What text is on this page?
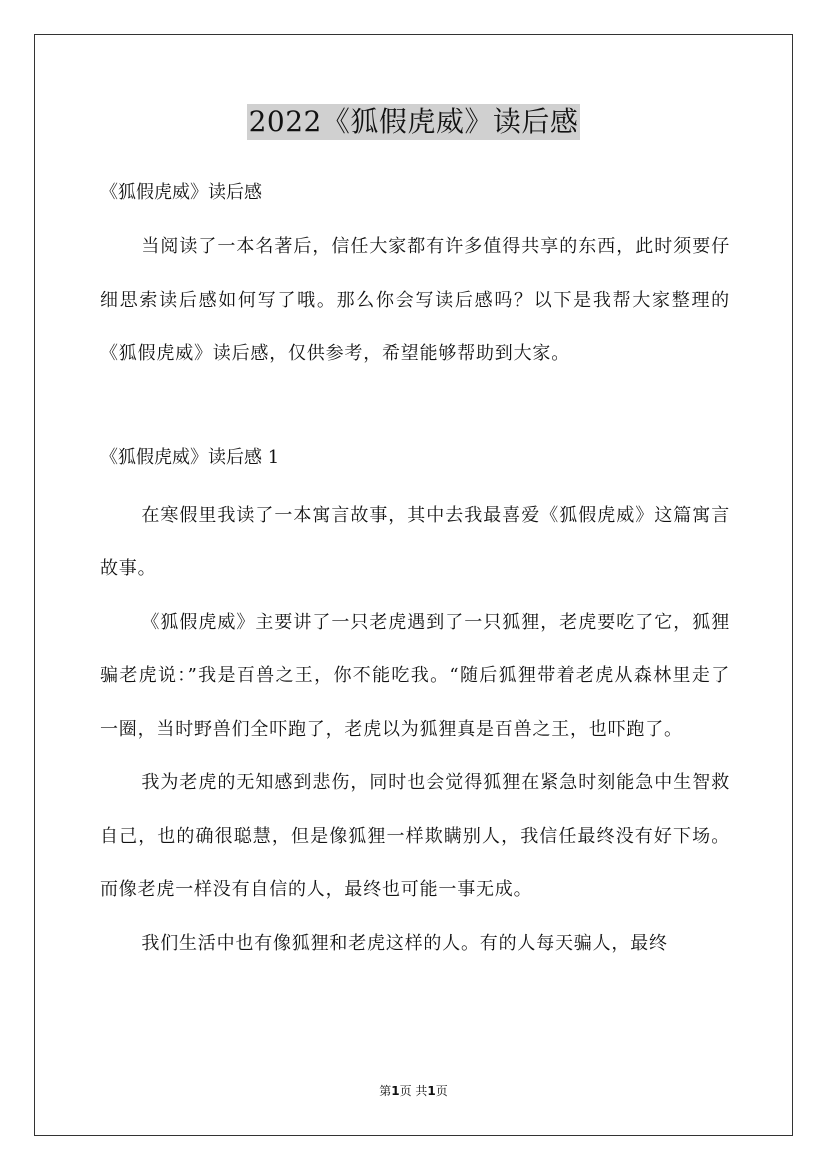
2022《狐假虎威》读后感

《狐假虎威》读后感

当阅读了一本名著后，信任大家都有许多值得共享的东西，此时须要仔细思索读后感如何写了哦。那么你会写读后感吗？以下是我帮大家整理的《狐假虎威》读后感，仅供参考，希望能够帮助到大家。

《狐假虎威》读后感 1

在寒假里我读了一本寓言故事，其中去我最喜爱《狐假虎威》这篇寓言故事。

《狐假虎威》主要讲了一只老虎遇到了一只狐狸，老虎要吃了它，狐狸骗老虎说：”我是百兽之王，你不能吃我。“随后狐狸带着老虎从森林里走了一圈，当时野兽们全吓跑了，老虎以为狐狸真是百兽之王，也吓跑了。

我为老虎的无知感到悲伤，同时也会觉得狐狸在紧急时刻能急中生智救自己，也的确很聪慧，但是像狐狸一样欺瞒别人，我信任最终没有好下场。而像老虎一样没有自信的人，最终也可能一事无成。

我们生活中也有像狐狸和老虎这样的人。有的人每天骗人，最终

第1页 共1页
